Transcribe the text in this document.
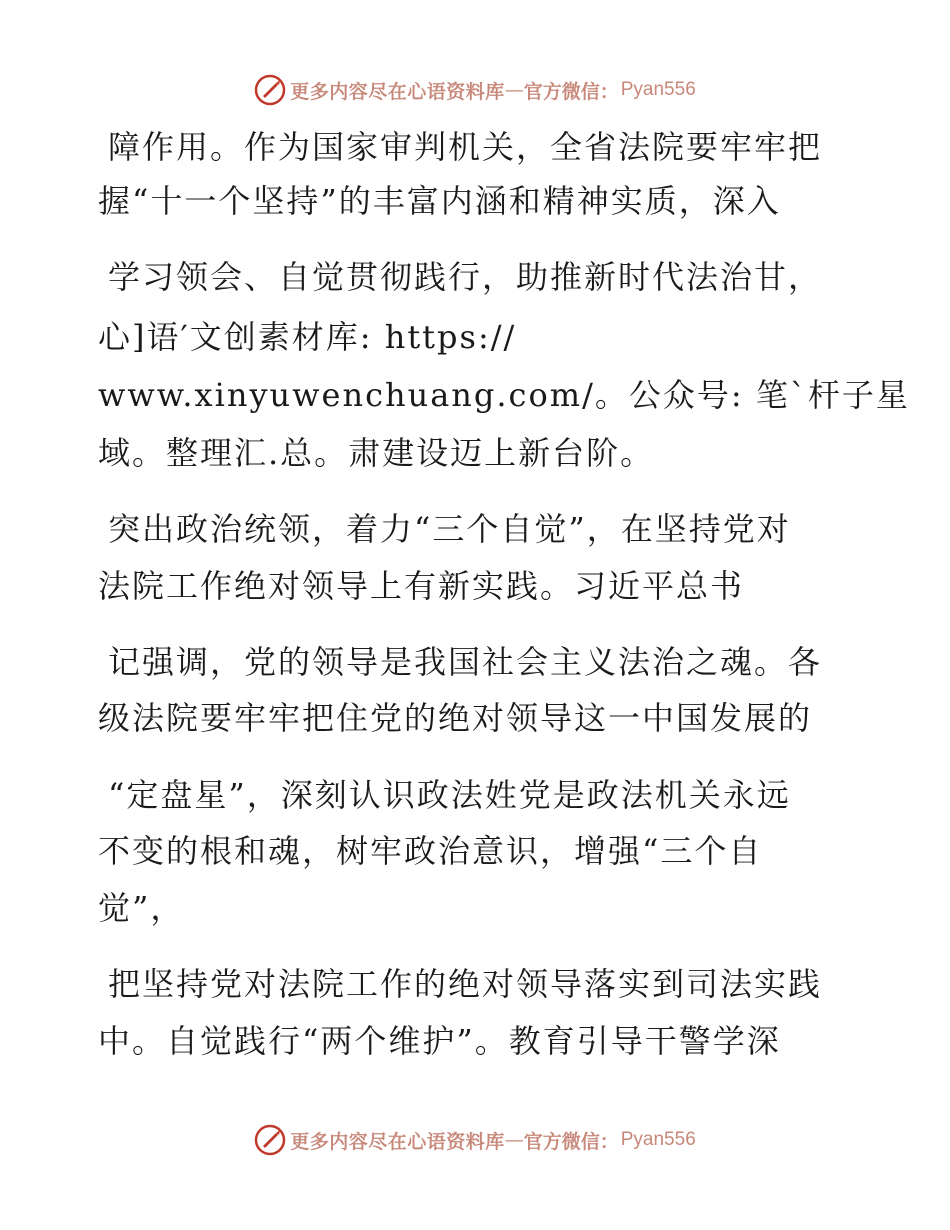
更多内容尽在心语资料库 — 官方微信： Pyan556
障作用。作为国家审判机关，全省法院要牢牢把
握“十一个坚持”的丰富内涵和精神实质，深入
学习领会、自觉贯彻践行，助推新时代法治甘，
心]语′文创素材库: https://
www.xinyuwenchuang.com/。公众号: 笔`杆子星
域。整理汇.总。肃建设迈上新台阶。
突出政治统领，着力“三个自觉”，在坚持党对
法院工作绝对领导上有新实践。习近平总书
记强调，党的领导是我国社会主义法治之魂。各
级法院要牢牢把住党的绝对领导这一中国发展的
“定盘星”，深刻认识政法姓党是政法机关永远
不变的根和魂，树牢政治意识，增强“三个自
觉”，
把坚持党对法院工作的绝对领导落实到司法实践
中。自觉践行“两个维护”。教育引导干警学深
更多内容尽在心语资料库 — 官方微信： Pyan556
